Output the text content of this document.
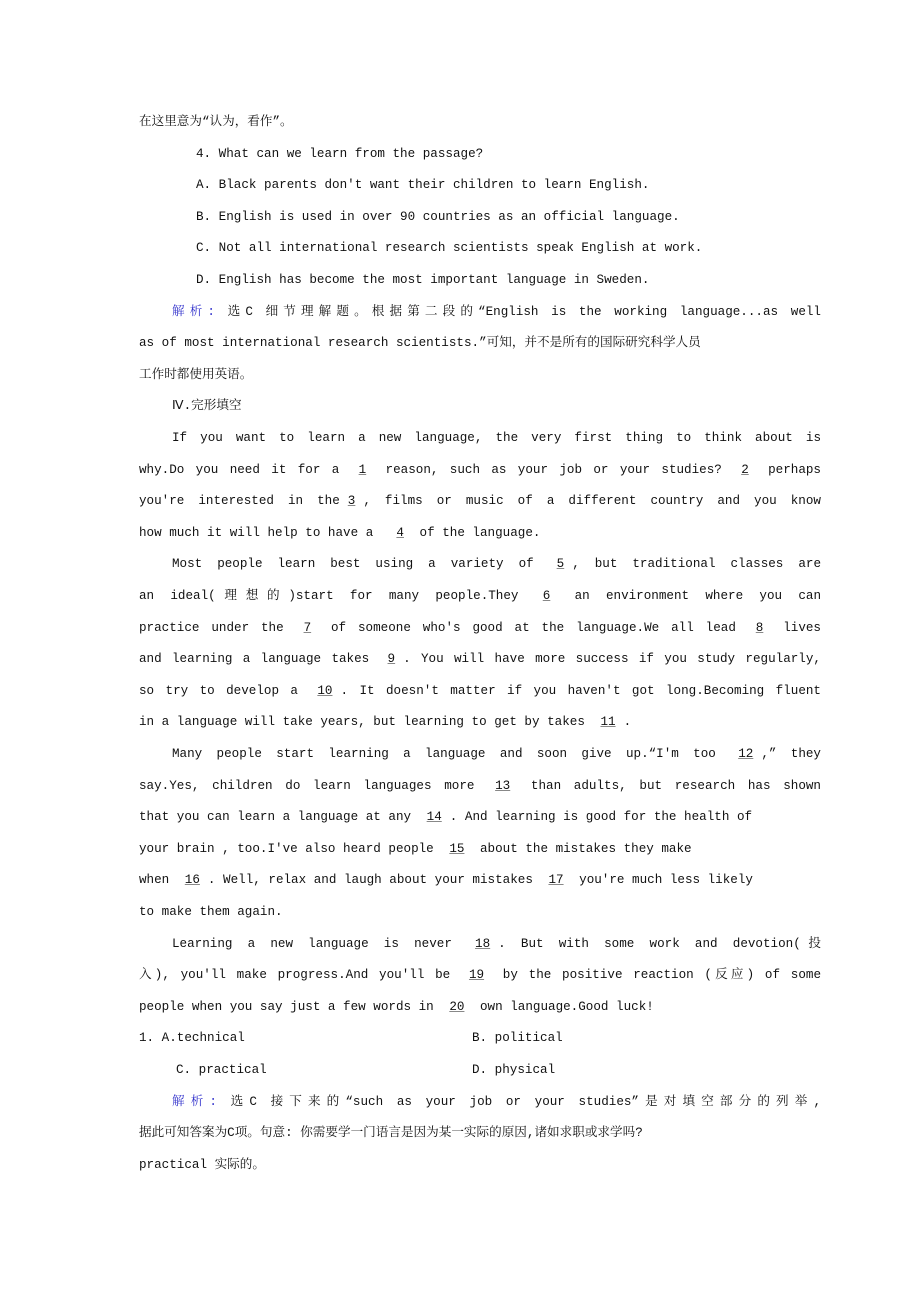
在这里意为“认为，看作”。
4. What can we learn from the passage?
A. Black parents don't want their children to learn English.
B. English is used in over 90 countries as an official language.
C. Not all international research scientists speak English at work.
D. English has become the most important language in Sweden.
解析: 选C 细节理解题。根据第二段的“English is the working language...as well
as of most international research scientists.”可知，并不是所有的国际研究科学人员
工作时都使用英语。
Ⅳ.完形填空
If you want to learn a new language, the very first thing to think about is
why.Do you need it for a 1 reason, such as your job or your studies? 2 perhaps
you're interested in the 3 , films or music of a different country and you know
how much it will help to have a  4 of the language.
Most people learn best using a variety of 5 , but traditional classes are
an ideal(理想的)start for many people.They 6 an environment where you can
practice under the 7 of someone who's good at the language.We all lead 8 lives
and learning a language takes 9 . You will have more success if you study regularly,
so try to develop a 10 . It doesn't matter if you haven't got long.Becoming fluent
in a language will take years, but learning to get by takes 11 .
Many people start learning a language and soon give up.“I'm too 12 ,” they
say.Yes, children do learn languages more 13 than adults, but research has shown
that you can learn a language at any 14 . And learning is good for the health of
your brain , too.I've also heard people 15 about the mistakes they make
when 16 . Well, relax and laugh about your mistakes 17 you're much less likely
to make them again.
Learning a new language is never 18 . But with some work and devotion(投
入), you'll make progress.And you'll be 19 by the positive reaction (反应) of some
people when you say just a few words in 20 own language.Good luck!
1. A.technical	B. political
C. practical	D. physical
解析: 选C 接下来的“such as your job or your studies”是对填空部分的列举,
据此可知答案为C项。句意: 你需要学一门语言是因为某一实际的原因,诸如求职或求学吗?
practical 实际的。
